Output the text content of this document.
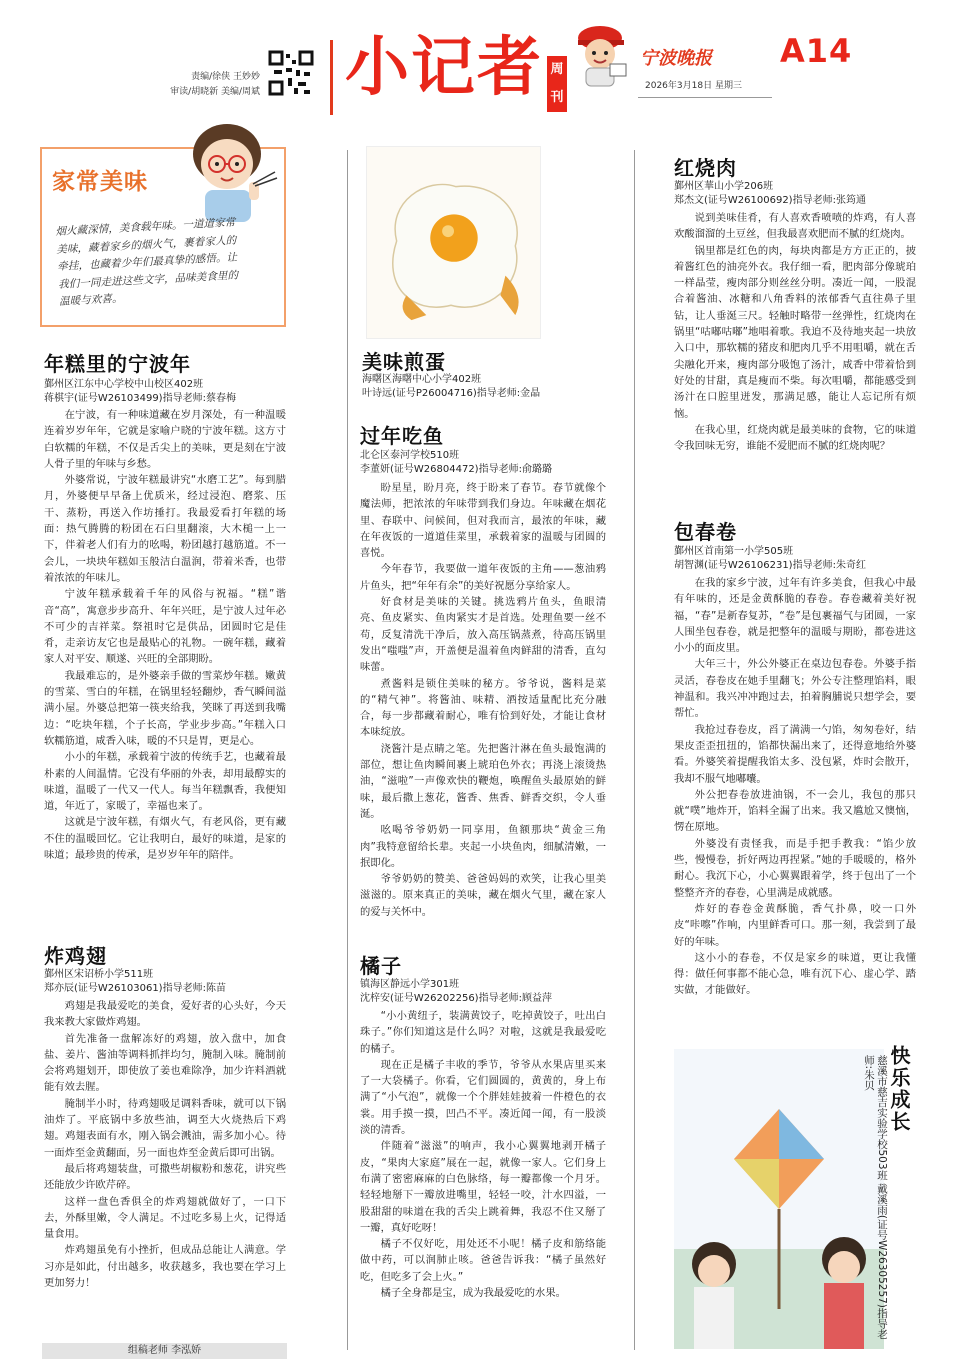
责编/徐侠 王妙妙
审读/胡晓新 美编/周斌 小记者 周刊
宁波晚报
2026年3月18日 星期三
A14
家常美味
烟火藏深情，美食载年味。一道道家常美味，藏着家乡的烟火气，裹着家人的牵挂，也藏着少年们最真挚的感悟。让我们一同走进这些文字，品味美食里的温暖与欢喜。
年糕里的宁波年
鄞州区江东中心学校中山校区402班
蒋棋宇(证号W26103499)指导老师:蔡春梅

在宁波，有一种味道藏在岁月深处，有一种温暖连着岁岁年年，它就是家喻户晓的宁波年糕。这方寸白软糯的年糕，不仅是舌尖上的美味，更是刻在宁波人骨子里的年味与乡愁。

外婆常说，宁波年糕最讲究“水磨工艺”。每到腊月，外婆便早早备上优质米，经过浸泡、磨浆、压干、蒸粉，再送入作坊捶打。我最爱看打年糕的场面：热气腾腾的粉团在石臼里翻滚，大木槌一上一下，伴着老人们有力的吆喝，粉团越打越筋道。不一会儿，一块块年糕如玉般洁白温润，带着米香，也带着浓浓的年味儿。

宁波年糕承载着千年的风俗与祝福。“糕”谐音“高”，寓意步步高升、年年兴旺，是宁波人过年必不可少的吉祥菜。祭祖时它是供品，团圆时它是佳肴，走亲访友它也是最贴心的礼物。一碗年糕，藏着家人对平安、顺遂、兴旺的全部期盼。

我最难忘的，是外婆亲手做的雪菜炒年糕。嫩黄的雪菜、雪白的年糕，在锅里轻轻翻炒，香气瞬间溢满小屋。外婆总把第一筷夹给我，笑眯了再送到我嘴边：“吃块年糕，个子长高，学业步步高。”年糕入口软糯筋道，咸香入味，暖的不只是胃，更是心。

小小的年糕，承载着宁波的传统手艺，也藏着最朴素的人间温情。它没有华丽的外表，却用最醇实的味道，温暖了一代又一代人。每当年糕飘香，我便知道，年近了，家暖了，幸福也来了。

这就是宁波年糕，有烟火气，有老风俗，更有藏不住的温暖回忆。它让我明白，最好的味道，是家的味道；最珍贵的传承，是岁岁年年的陪伴。

炸鸡翅
鄞州区宋诏桥小学511班
郑亦辰(证号W26103061)指导老师:陈苗

鸡翅是我最爱吃的美食，爱好者的心头好，今天我来教大家做炸鸡翅。

首先准备一盘解冻好的鸡翅，放入盘中，加食盐、姜片、酱油等调料抓拌均匀，腌制入味。腌制前会将鸡翅划开，即使放了姜也难除净，加少许料酒就能有效去腥。

腌制半小时，待鸡翅吸足调料香味，就可以下锅油炸了。平底锅中多放些油，调至大火烧热后下鸡翅。鸡翅表面有水，刚入锅会溅油，需多加小心。待一面炸至金黄翻面，另一面也炸至金黄后即可出锅。

最后将鸡翅装盘，可撒些胡椒粉和葱花，讲究些还能放少许欧芹碎。

这样一盘色香俱全的炸鸡翅就做好了，一口下去，外酥里嫩，令人满足。不过吃多易上火，记得适量食用。

炸鸡翅虽免有小挫折，但成品总能让人满意。学习亦是如此，付出越多，收获越多，我也要在学习上更加努力！

组稿老师 李泓娇
美味煎蛋
海曙区海曙中心小学402班
叶诗远(证号P26004716)指导老师:金晶
过年吃鱼
北仑区泰河学校510班
李董妍(证号W26804472)指导老师:俞璐璐

盼星星，盼月亮，终于盼来了春节。春节就像个魔法师，把浓浓的年味带到我们身边。年味藏在烟花里、春联中、问候间，但对我而言，最浓的年味，藏在年夜饭的一道道佳菜里，承载着家的温暖与团圆的喜悦。

今年春节，我要做一道年夜饭的主角——葱油鸦片鱼头，把“年年有余”的美好祝愿分享给家人。

好食材是美味的关键。挑选鸦片鱼头，鱼眼清亮、鱼皮紧实、鱼肉紧实才是首选。处理鱼要一丝不苟，反复清洗干净后，放入高压锅蒸煮，待高压锅里发出“嗤嗤”声，开盖便是温着鱼肉鲜甜的清香，直勾味蕾。

煮酱料是锁住美味的秘方。爷爷说，酱料是菜的“精气神”。将酱油、味精、酒按适量配比充分融合，每一步都藏着耐心，唯有恰到好处，才能让食材本味绽放。

浇酱汁是点睛之笔。先把酱汁淋在鱼头最饱满的部位，想让鱼肉瞬间裹上琥珀色外衣；再浇上滚烫热油，“滋啦”一声像欢快的鞭炮，唤醒鱼头最原始的鲜味，最后撒上葱花，酱香、焦香、鲜香交织，令人垂涎。

吆喝爷爷奶奶一同享用，鱼额那块“黄金三角肉”我特意留给长辈。夹起一小块鱼肉，细腻清嫩，一抿即化。

爷爷奶奶的赞美、爸爸妈妈的欢笑，让我心里美滋滋的。原来真正的美味，藏在烟火气里，藏在家人的爱与关怀中。

橘子
镇海区静远小学301班
沈梓安(证号W26202256)指导老师:顾益萍

“小小黄纽子，装满黄饺子，吃掉黄饺子，吐出白珠子。”你们知道这是什么吗？对啦，这就是我最爱吃的橘子。

现在正是橘子丰收的季节，爷爷从水果店里买来了一大袋橘子。你看，它们圆圆的，黄黄的，身上布满了“小气泡”，就像一个个胖娃娃披着一件橙色的衣裳。用手摸一摸，凹凸不平。凑近闻一闻，有一股淡淡的清香。

伴随着“滋滋”的响声，我小心翼翼地剥开橘子皮，“果肉大家庭”展在一起，就像一家人。它们身上布满了密密麻麻的白色脉络，每一瓣都像一个月牙。轻轻地掰下一瓣放进嘴里，轻轻一咬，汁水四溢，一股甜甜的味道在我的舌尖上跳着舞，我忍不住又掰了一瓣，真好吃呀！

橘子不仅好吃，用处还不小呢！橘子皮和筋络能做中药，可以润肺止咳。爸爸告诉我：“橘子虽然好吃，但吃多了会上火。”

橘子全身都是宝，成为我最爱吃的水果。

红烧肉
鄞州区華山小学206班
郑杰文(证号W26100692)指导老师:张筠通

说到美味佳肴，有人喜欢香喷喷的炸鸡，有人喜欢酸溜溜的土豆丝，但我最喜欢肥而不腻的红烧肉。

锅里都是红色的肉，每块肉都是方方正正的，披着酱红色的油亮外衣。我仔细一看，肥肉部分像琥珀一样晶莹，瘦肉部分则丝丝分明。凑近一闻，一股混合着酱油、冰糖和八角香料的浓郁香气直往鼻子里钻，让人垂涎三尺。轻触时略带一丝弹性，红烧肉在锅里“咕嘟咕嘟”地唱着歌。我迫不及待地夹起一块放入口中，那软糯的猪皮和肥肉几乎不用咀嚼，就在舌尖融化开来，瘦肉部分吸饱了汤汁，咸香中带着恰到好处的甘甜，真是瘦而不柴。每次咀嚼，都能感受到汤汁在口腔里迸发，那满足感，能让人忘记所有烦恼。

在我心里，红烧肉就是最美味的食物，它的味道令我回味无穷，谁能不爱肥而不腻的红烧肉呢？

包春卷
鄞州区首南第一小学505班
胡智渊(证号W26106231)指导老师:朱奇红

在我的家乡宁波，过年有许多美食，但我心中最有年味的，还是金黄酥脆的春卷。春卷藏着美好祝福，“春”是新春复苏，“卷”是包裹福气与团圆，一家人围坐包春卷，就是把整年的温暖与期盼，都卷进这小小的面皮里。

大年三十，外公外婆正在桌边包春卷。外婆手指灵活，春卷皮在她手里翻飞；外公专注整理馅料，眼神温和。我兴冲冲跑过去，拍着胸脯说只想学会，要帮忙。

我抢过春卷皮，舀了满满一勺馅，匆匆卷好，结果皮歪歪扭扭的，馅都快漏出来了，还得意地给外婆看。外婆笑着提醒我馅太多、没包紧，炸时会散开，我却不服气地嘟囔。

外公把春卷放进油锅，不一会儿，我包的那只就“噗”地炸开，馅料全漏了出来。我又尴尬又懊恼，愣在原地。

外婆没有责怪我，而是手把手教我：“馅少放些，慢慢卷，折好两边再捏紧。”她的手暖暖的，格外耐心。我沉下心，小心翼翼跟着学，终于包出了一个整整齐齐的春卷，心里满是成就感。

炸好的春卷金黄酥脆，香气扑鼻，咬一口外皮“咔嚓”作响，内里鲜香可口。那一刻，我尝到了最好的年味。

这小小的春卷，不仅是家乡的味道，更让我懂得：做任何事都不能心急，唯有沉下心、虚心学、踏实做，才能做好。

快乐成长
慈溪市慈吉实验学校503班 戴溪雨(证号W26305257)指导老师:朱贝
